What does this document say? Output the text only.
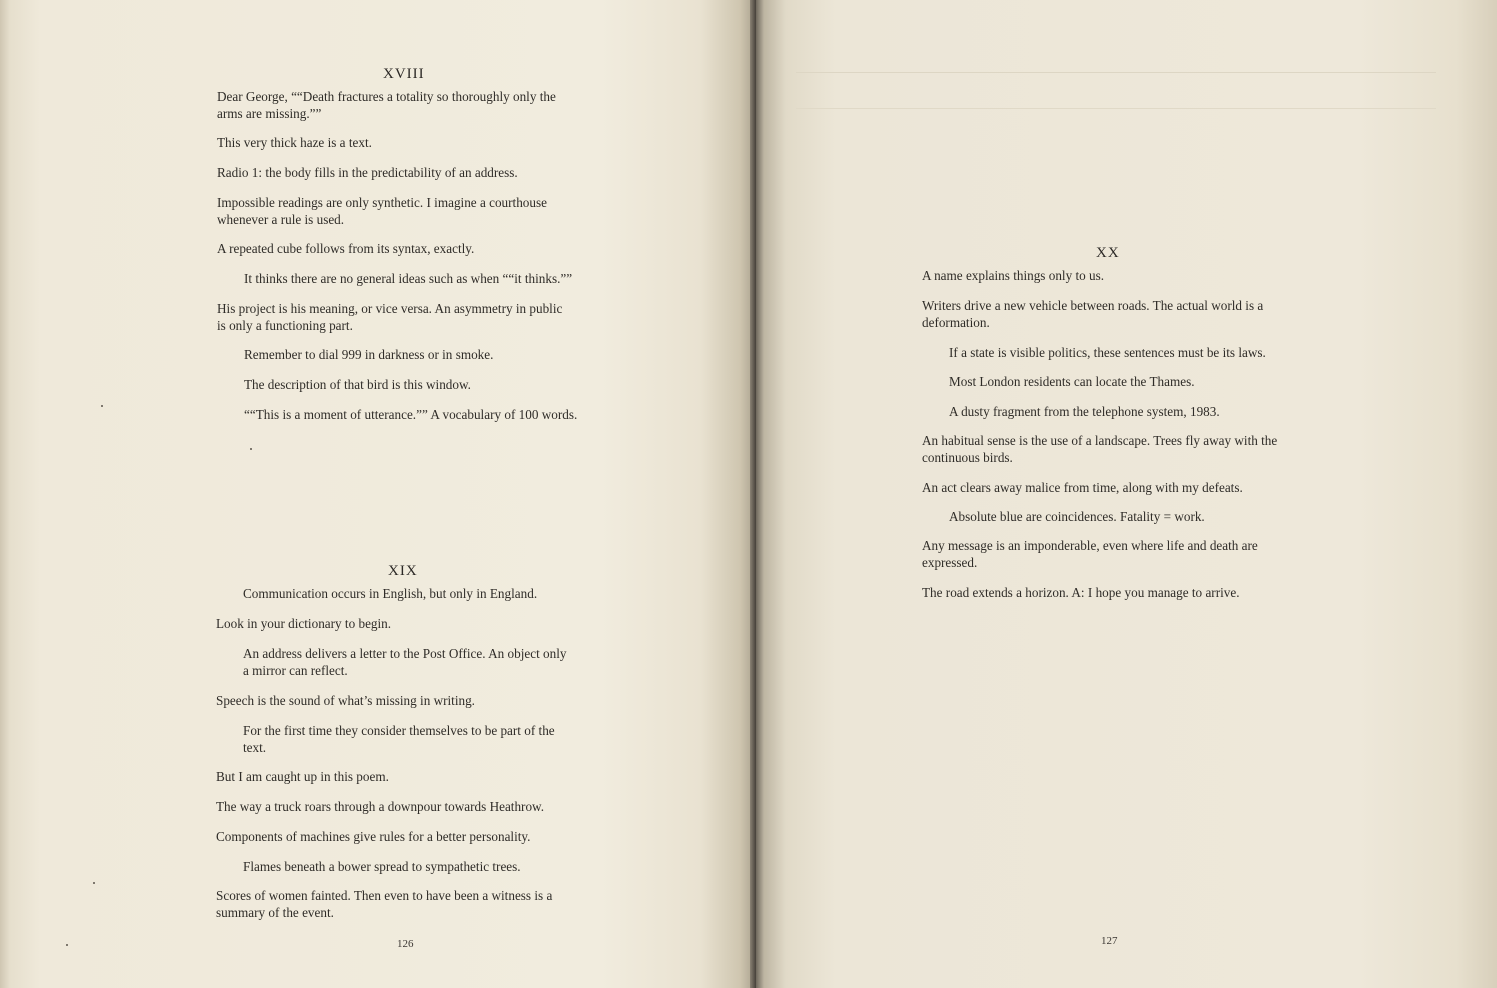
XVIII
Dear George, ““Death fractures a totality so thoroughly only the
arms are missing.””
This very thick haze is a text.
Radio 1: the body fills in the predictability of an address.
Impossible readings are only synthetic. I imagine a courthouse
whenever a rule is used.
A repeated cube follows from its syntax, exactly.
It thinks there are no general ideas such as when ““it thinks.””
His project is his meaning, or vice versa. An asymmetry in public
is only a functioning part.
Remember to dial 999 in darkness or in smoke.
The description of that bird is this window.
““This is a moment of utterance.”” A vocabulary of 100 words.
XIX
Communication occurs in English, but only in England.
Look in your dictionary to begin.
An address delivers a letter to the Post Office. An object only
a mirror can reflect.
Speech is the sound of what’s missing in writing.
For the first time they consider themselves to be part of the
text.
But I am caught up in this poem.
The way a truck roars through a downpour towards Heathrow.
Components of machines give rules for a better personality.
Flames beneath a bower spread to sympathetic trees.
Scores of women fainted. Then even to have been a witness is a
summary of the event.
126
XX
A name explains things only to us.
Writers drive a new vehicle between roads. The actual world is a
deformation.
If a state is visible politics, these sentences must be its laws.
Most London residents can locate the Thames.
A dusty fragment from the telephone system, 1983.
An habitual sense is the use of a landscape. Trees fly away with the
continuous birds.
An act clears away malice from time, along with my defeats.
Absolute blue are coincidences. Fatality = work.
Any message is an imponderable, even where life and death are
expressed.
The road extends a horizon. A: I hope you manage to arrive.
127
